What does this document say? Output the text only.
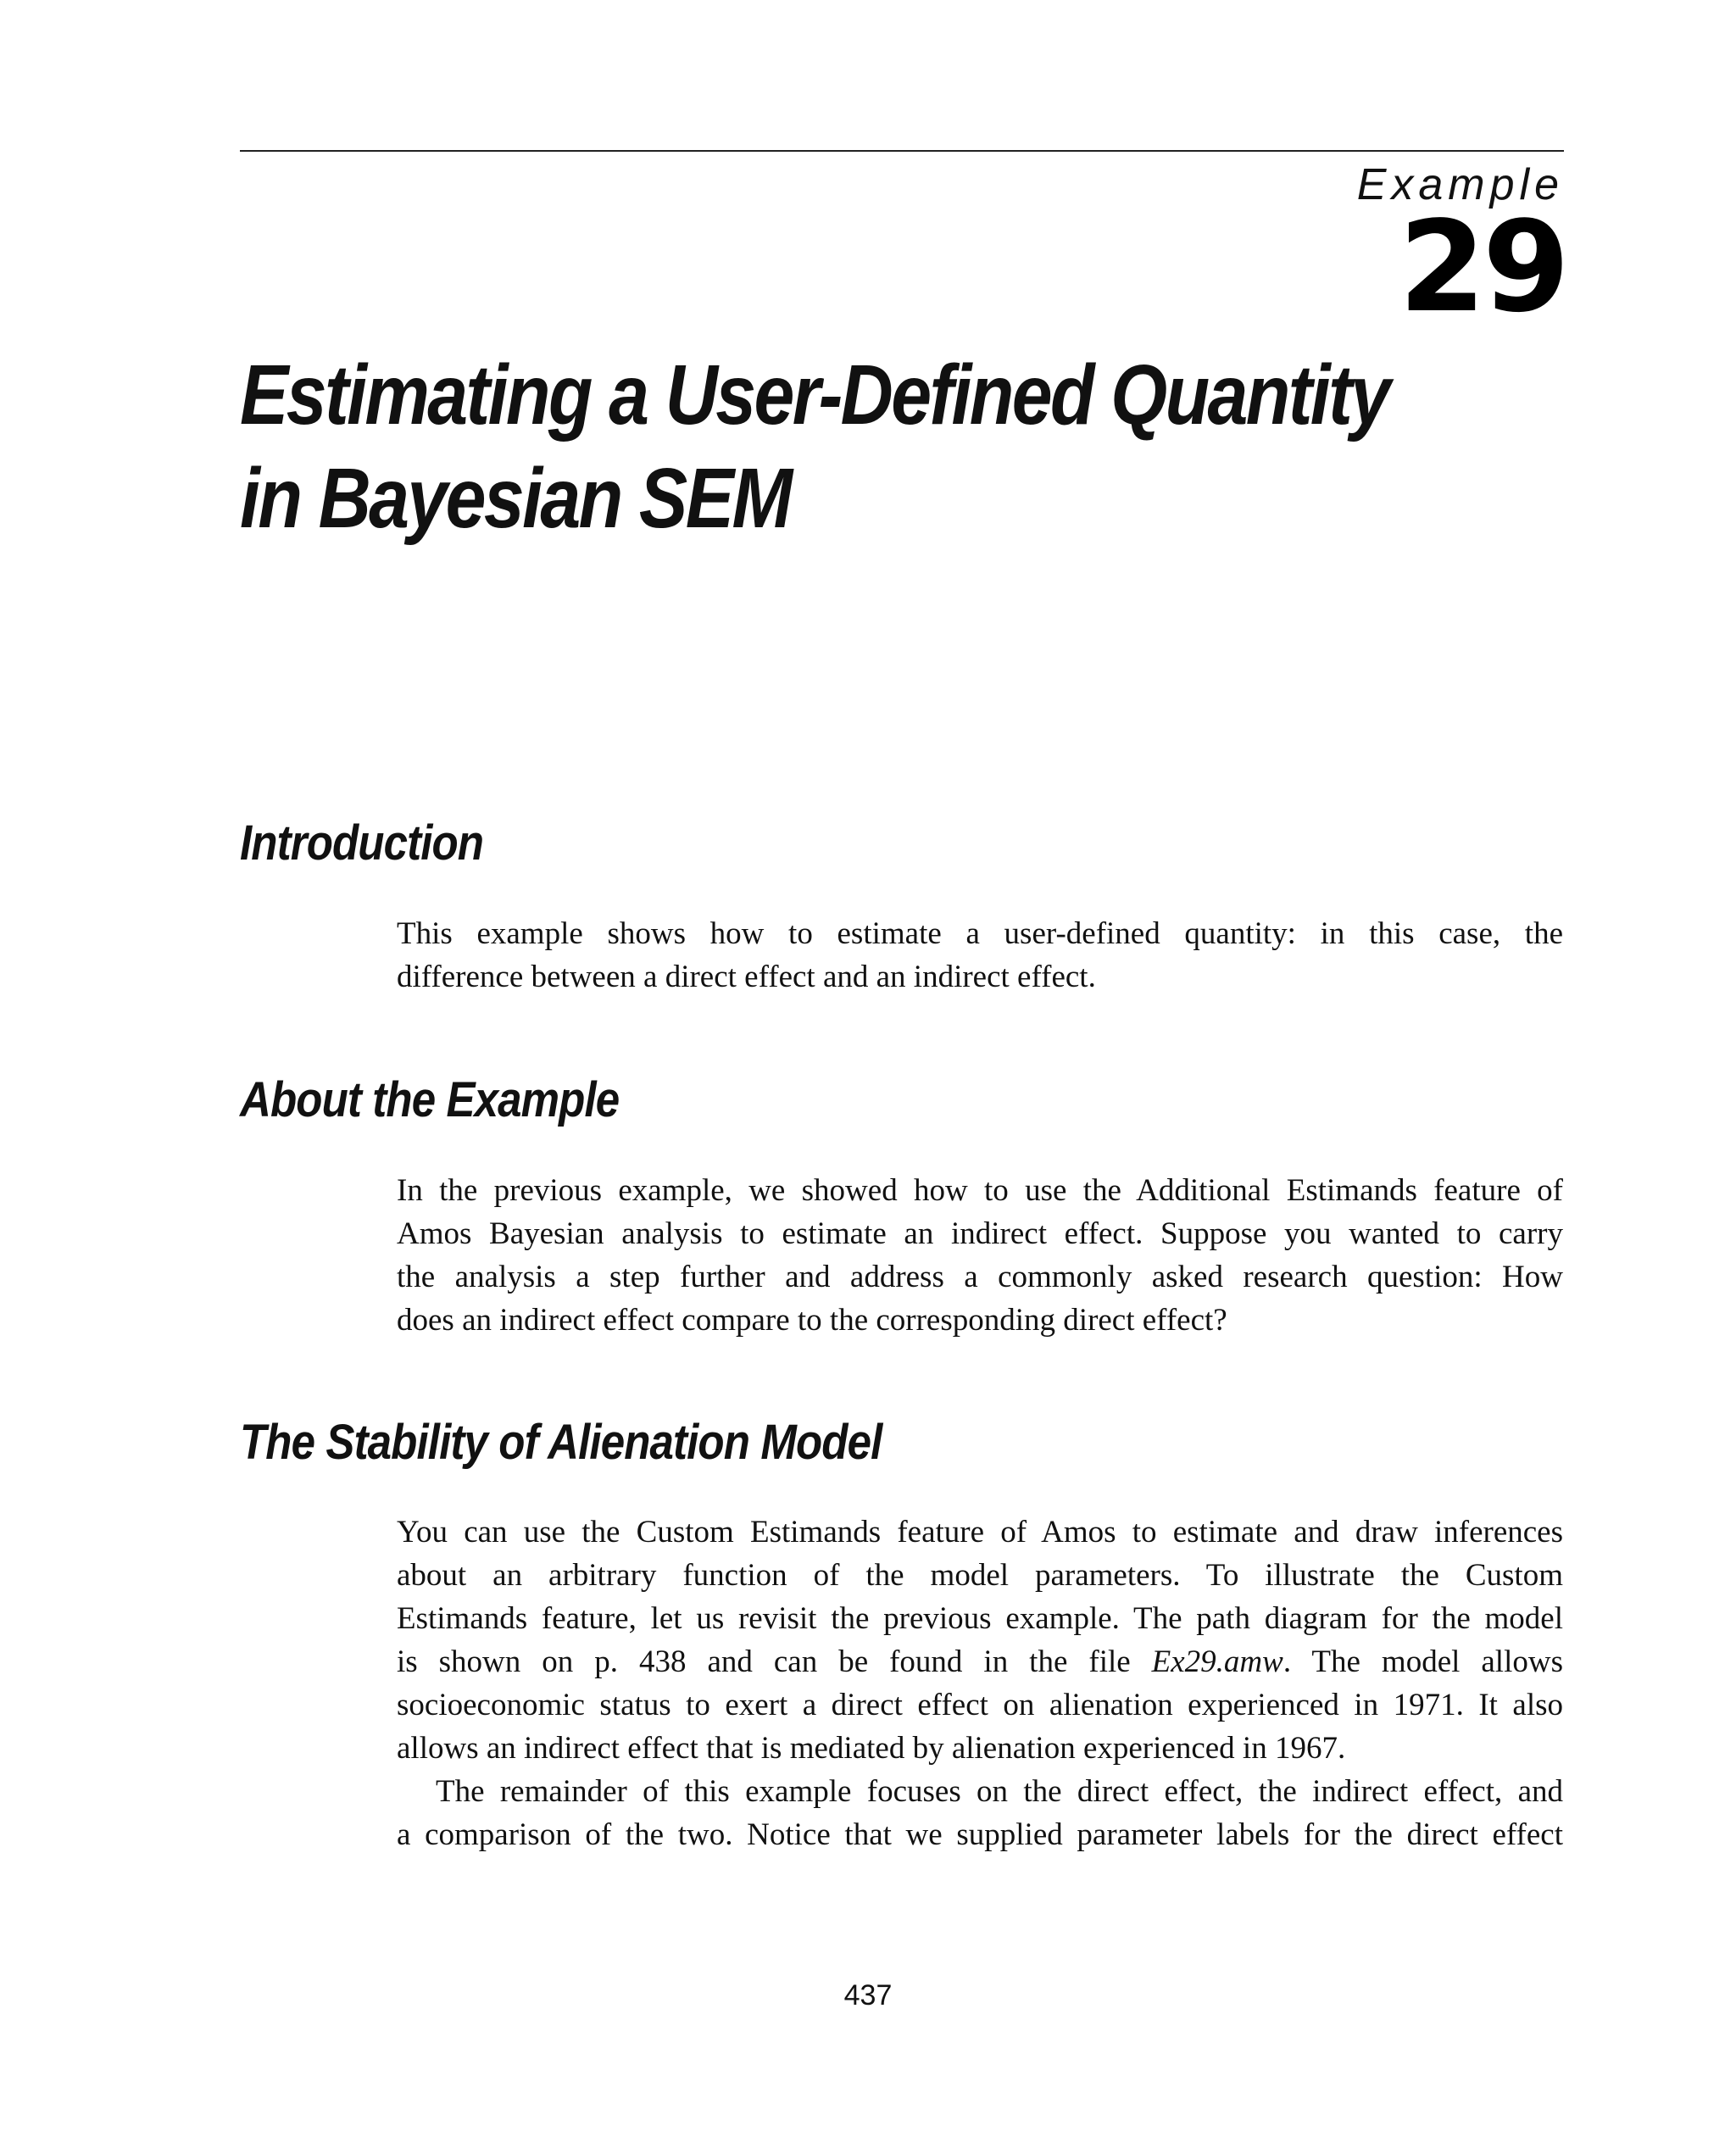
Example
29
Estimating a User-Defined Quantity
in Bayesian SEM
Introduction

This example shows how to estimate a user-defined quantity: in this case, the
difference between a direct effect and an indirect effect.

About the Example

In the previous example, we showed how to use the Additional Estimands feature of
Amos Bayesian analysis to estimate an indirect effect. Suppose you wanted to carry
the analysis a step further and address a commonly asked research question: How
does an indirect effect compare to the corresponding direct effect?

The Stability of Alienation Model

You can use the Custom Estimands feature of Amos to estimate and draw inferences
about an arbitrary function of the model parameters. To illustrate the Custom
Estimands feature, let us revisit the previous example. The path diagram for the model
is shown on p. 438 and can be found in the file Ex29.amw. The model allows
socioeconomic status to exert a direct effect on alienation experienced in 1971. It also
allows an indirect effect that is mediated by alienation experienced in 1967.
The remainder of this example focuses on the direct effect, the indirect effect, and
a comparison of the two. Notice that we supplied parameter labels for the direct effect

437
